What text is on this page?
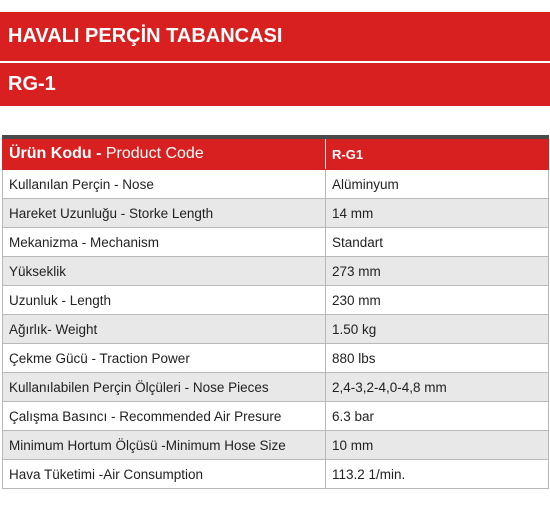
HAVALI PERÇİN TABANCASI
RG-1
Ürün Kodu - Product Code	R-G1
Kullanılan Perçin - Nose	Alüminyum
Hareket Uzunluğu - Storke Length	14 mm
Mekanizma - Mechanism	Standart
Yükseklik	273 mm
Uzunluk - Length	230 mm
Ağırlık- Weight	1.50 kg
Çekme Gücü - Traction Power	880 lbs
Kullanılabilen Perçin Ölçüleri - Nose Pieces	2,4-3,2-4,0-4,8 mm
Çalışma Basıncı - Recommended Air Presure	6.3 bar
Minimum Hortum Ölçüsü -Minimum Hose Size	10 mm
Hava Tüketimi -Air Consumption	113.2 1/min.
